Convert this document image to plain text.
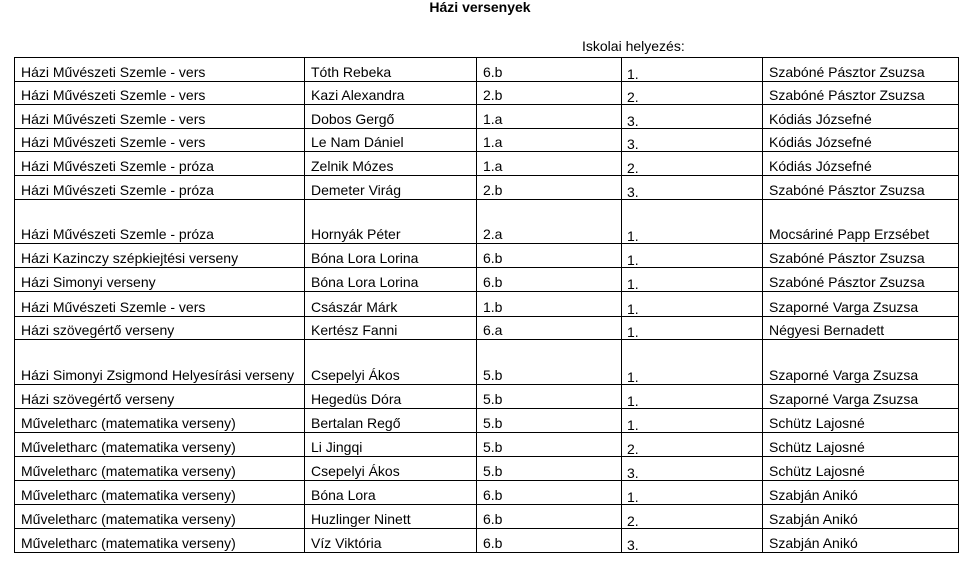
Házi versenyek
Iskolai helyezés:
Házi Művészeti Szemle - vers	Tóth Rebeka	6.b	1.	Szabóné Pásztor Zsuzsa
Házi Művészeti Szemle - vers	Kazi Alexandra	2.b	2.	Szabóné Pásztor Zsuzsa
Házi Művészeti Szemle - vers	Dobos Gergő	1.a	3.	Kódiás Józsefné
Házi Művészeti Szemle - vers	Le Nam Dániel	1.a	3.	Kódiás Józsefné
Házi Művészeti Szemle - próza	Zelnik Mózes	1.a	2.	Kódiás Józsefné
Házi Művészeti Szemle - próza	Demeter Virág	2.b	3.	Szabóné Pásztor Zsuzsa
Házi Művészeti Szemle - próza	Hornyák Péter	2.a	1.	Mocsáriné Papp Erzsébet
Házi Kazinczy szépkiejtési verseny	Bóna Lora Lorina	6.b	1.	Szabóné Pásztor Zsuzsa
Házi Simonyi verseny	Bóna Lora Lorina	6.b	1.	Szabóné Pásztor Zsuzsa
Házi Művészeti Szemle - vers	Császár Márk	1.b	1.	Szaporné Varga Zsuzsa
Házi szövegértő verseny	Kertész Fanni	6.a	1.	Négyesi Bernadett
Házi Simonyi Zsigmond Helyesírási verseny	Csepelyi Ákos	5.b	1.	Szaporné Varga Zsuzsa
Házi szövegértő verseny	Hegedüs Dóra	5.b	1.	Szaporné Varga Zsuzsa
Műveletharc (matematika verseny)	Bertalan Regő	5.b	1.	Schütz Lajosné
Műveletharc (matematika verseny)	Li Jingqi	5.b	2.	Schütz Lajosné
Műveletharc (matematika verseny)	Csepelyi Ákos	5.b	3.	Schütz Lajosné
Műveletharc (matematika verseny)	Bóna Lora	6.b	1.	Szabján Anikó
Műveletharc (matematika verseny)	Huzlinger Ninett	6.b	2.	Szabján Anikó
Műveletharc (matematika verseny)	Víz Viktória	6.b	3.	Szabján Anikó
